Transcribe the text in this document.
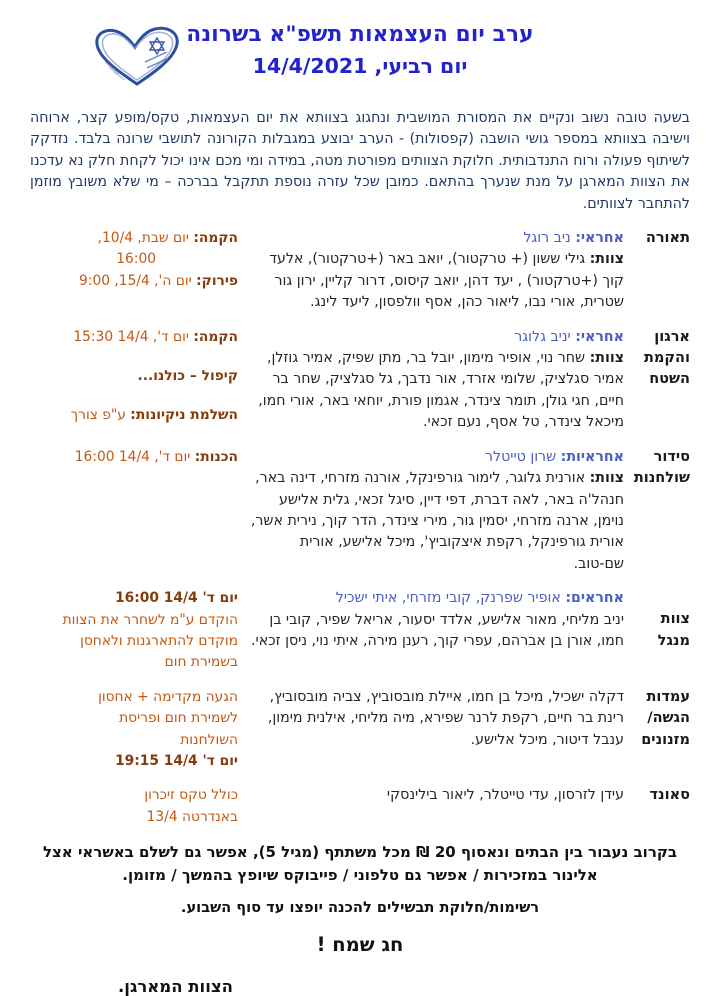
ערב יום העצמאות תשפ"א בשרונה
יום רביעי, 14/4/2021

בשעה טובה נשוב ונקיים את המסורת המושבית ונחגוג בצוותא את יום העצמאות, טקס/מופע קצר, ארוחה וישיבה בצוותא במספר גושי הושבה (קפסולות) - הערב יבוצע במגבלות הקורונה לתושבי שרונה בלבד. נזדקק לשיתוף פעולה ורוח התנדבותית. חלוקת הצוותים מפורטת מטה, במידה ומי מכם אינו יכול לקחת חלק נא עדכנו את הצוות המארגן על מנת שנערך בהתאם. כמובן שכל עזרה נוספת תתקבל בברכה – מי שלא משובץ מוזמן להתחבר לצוותים.

תאורה
אחראי: ניב רוגל
צוות: גילי ששון (+ טרקטור), יואב באר (+טרקטור), אלעד קוך (+טרקטור) , יעד דהן, יואב קיסוס, דרור קליין, ירון גור שטרית, אורי נבו, ליאור כהן, אסף וולפסון, ליעד לינג.
הקמה: יום שבת, 10/4,
16:00
פירוק: יום ה', 15/4, 9:00
ארגון והקמת השטח
אחראי: יניב גלוגר
צוות: שחר נוי, אופיר מימון, יובל בר, מתן שפיק, אמיר גוזלן, אמיר סגלציק, שלומי אזרד, אור נדבך, גל סגלציק, שחר בר חיים, חגי גולן, תומר צינדר, אגמון פורת, יוחאי באר, אורי חמו, מיכאל צינדר, טל אסף, נעם זכאי.
הקמה: יום ד', 14/4 15:30
קיפול – כולנו...
השלמת ניקיונות: ע"פ צורך
סידור שולחנות
אחראיות: שרון טייטלר
צוות: אורנית גלוגר, לימור גורפינקל, אורנה מזרחי, דינה באר, חנהל'ה באר, לאה דברת, דפי דיין, סיגל זכאי, גלית אלישע נוימן, ארנה מזרחי, יסמין גור, מירי צינדר, הדר קוך, נירית אשר, אורית גורפינקל, רקפת איצקוביץ', מיכל אלישע, אורית שם-טוב.
הכנות: יום ד', 14/4 16:00
צוות מנגל
אחראים: אופיר שפרנק, קובי מזרחי, איתי ישכיל
יניב מליחי, מאור אלישע, אלדד יסעור, אריאל שפיר, קובי בן חמו, אורן בן אברהם, עפרי קוך, רענן מירה, איתי נוי, ניסן זכאי.
יום ד' 14/4 16:00
הוקדם ע"מ לשחרר את הצוות
מוקדם להתארגנות ולאחסן
בשמירת חום
עמדות הגשה/ מזנונים
דקלה ישכיל, מיכל בן חמו, איילת מובסוביץ, צביה מובסוביץ, רינת בר חיים, רקפת לרנר שפירא, מיה מליחי, אילנית מימון, ענבל דיטור, מיכל אלישע.
הגעה מקדימה + אחסון
לשמירת חום ופריסת
השולחנות
יום ד' 14/4 19:15
סאונד
עידן לזרסון, עדי טייטלר, ליאור בילינסקי
כולל טקס זיכרון
באנדרטה 13/4
בקרוב נעבור בין הבתים ונאסוף 20 ₪ מכל משתתף (מגיל 5), אפשר גם לשלם באשראי אצל אלינור במזכירות / אפשר גם טלפוני / פייבוקס שיופץ בהמשך / מזומן.
רשימות/חלוקת תבשילים להכנה יופצו עד סוף השבוע.
חג שמח !
הצוות המארגן.
